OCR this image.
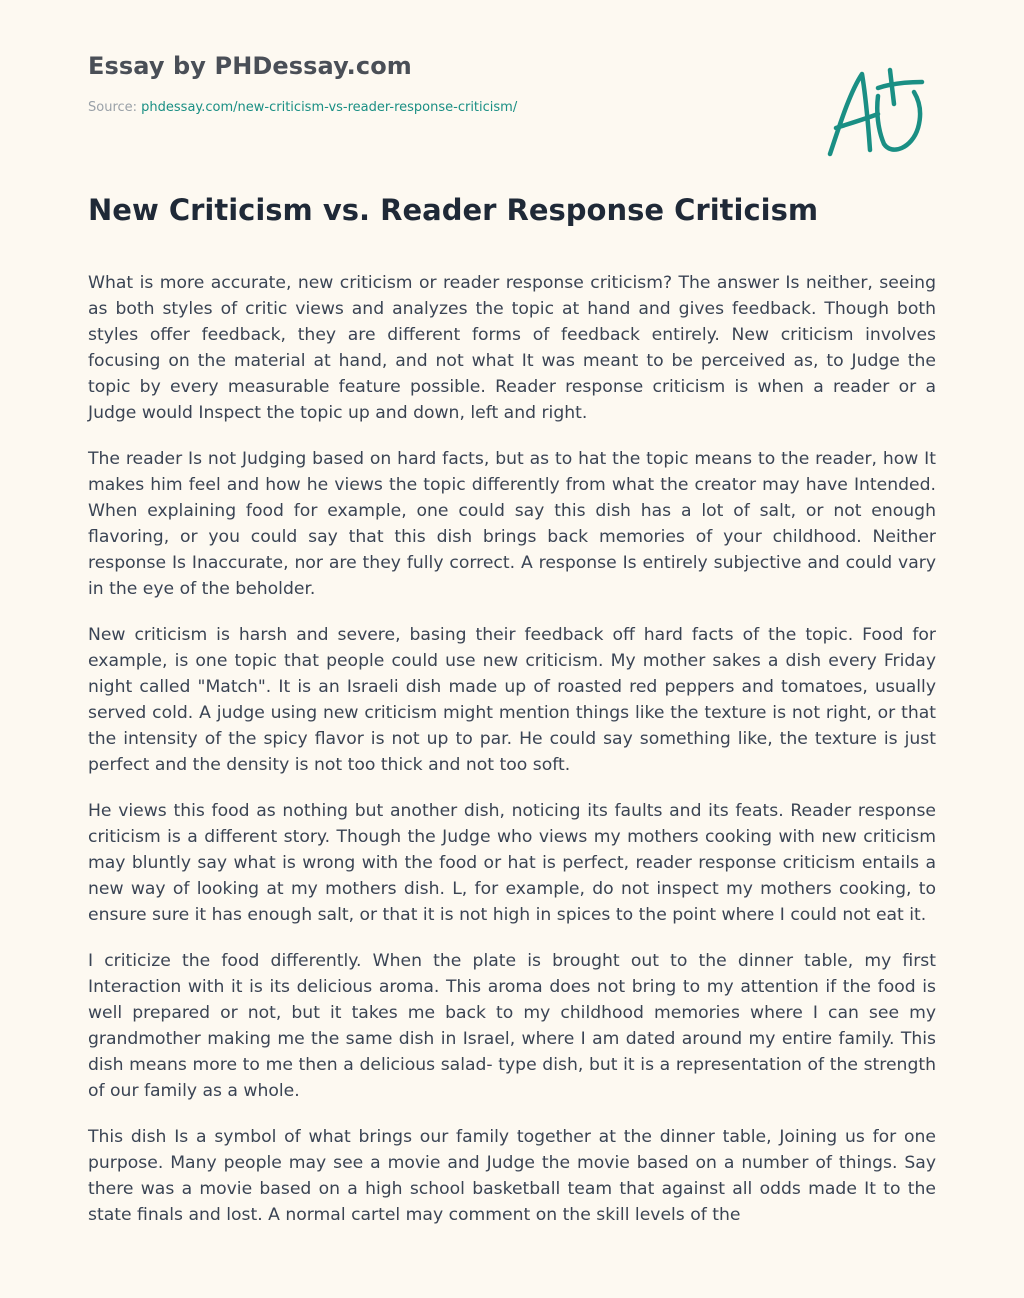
Essay by PHDessay.com
Source: phdessay.com/new-criticism-vs-reader-response-criticism/
New Criticism vs. Reader Response Criticism

What is more accurate, new criticism or reader response criticism? The answer Is neither, seeing as both styles of critic views and analyzes the topic at hand and gives feedback. Though both styles offer feedback, they are different forms of feedback entirely. New criticism involves focusing on the material at hand, and not what It was meant to be perceived as, to Judge the topic by every measurable feature possible. Reader response criticism is when a reader or a Judge would Inspect the topic up and down, left and right.

The reader Is not Judging based on hard facts, but as to hat the topic means to the reader, how It makes him feel and how he views the topic differently from what the creator may have Intended. When explaining food for example, one could say this dish has a lot of salt, or not enough flavoring, or you could say that this dish brings back memories of your childhood. Neither response Is Inaccurate, nor are they fully correct. A response Is entirely subjective and could vary in the eye of the beholder.

New criticism is harsh and severe, basing their feedback off hard facts of the topic. Food for example, is one topic that people could use new criticism. My mother sakes a dish every Friday night called "Match". It is an Israeli dish made up of roasted red peppers and tomatoes, usually served cold. A judge using new criticism might mention things like the texture is not right, or that the intensity of the spicy flavor is not up to par. He could say something like, the texture is just perfect and the density is not too thick and not too soft.

He views this food as nothing but another dish, noticing its faults and its feats. Reader response criticism is a different story. Though the Judge who views my mothers cooking with new criticism may bluntly say what is wrong with the food or hat is perfect, reader response criticism entails a new way of looking at my mothers dish. L, for example, do not inspect my mothers cooking, to ensure sure it has enough salt, or that it is not high in spices to the point where I could not eat it.

I criticize the food differently. When the plate is brought out to the dinner table, my first Interaction with it is its delicious aroma. This aroma does not bring to my attention if the food is well prepared or not, but it takes me back to my childhood memories where I can see my grandmother making me the same dish in Israel, where I am dated around my entire family. This dish means more to me then a delicious salad- type dish, but it is a representation of the strength of our family as a whole.

This dish Is a symbol of what brings our family together at the dinner table, Joining us for one purpose. Many people may see a movie and Judge the movie based on a number of things. Say there was a movie based on a high school basketball team that against all odds made It to the state finals and lost. A normal cartel may comment on the skill levels of the
